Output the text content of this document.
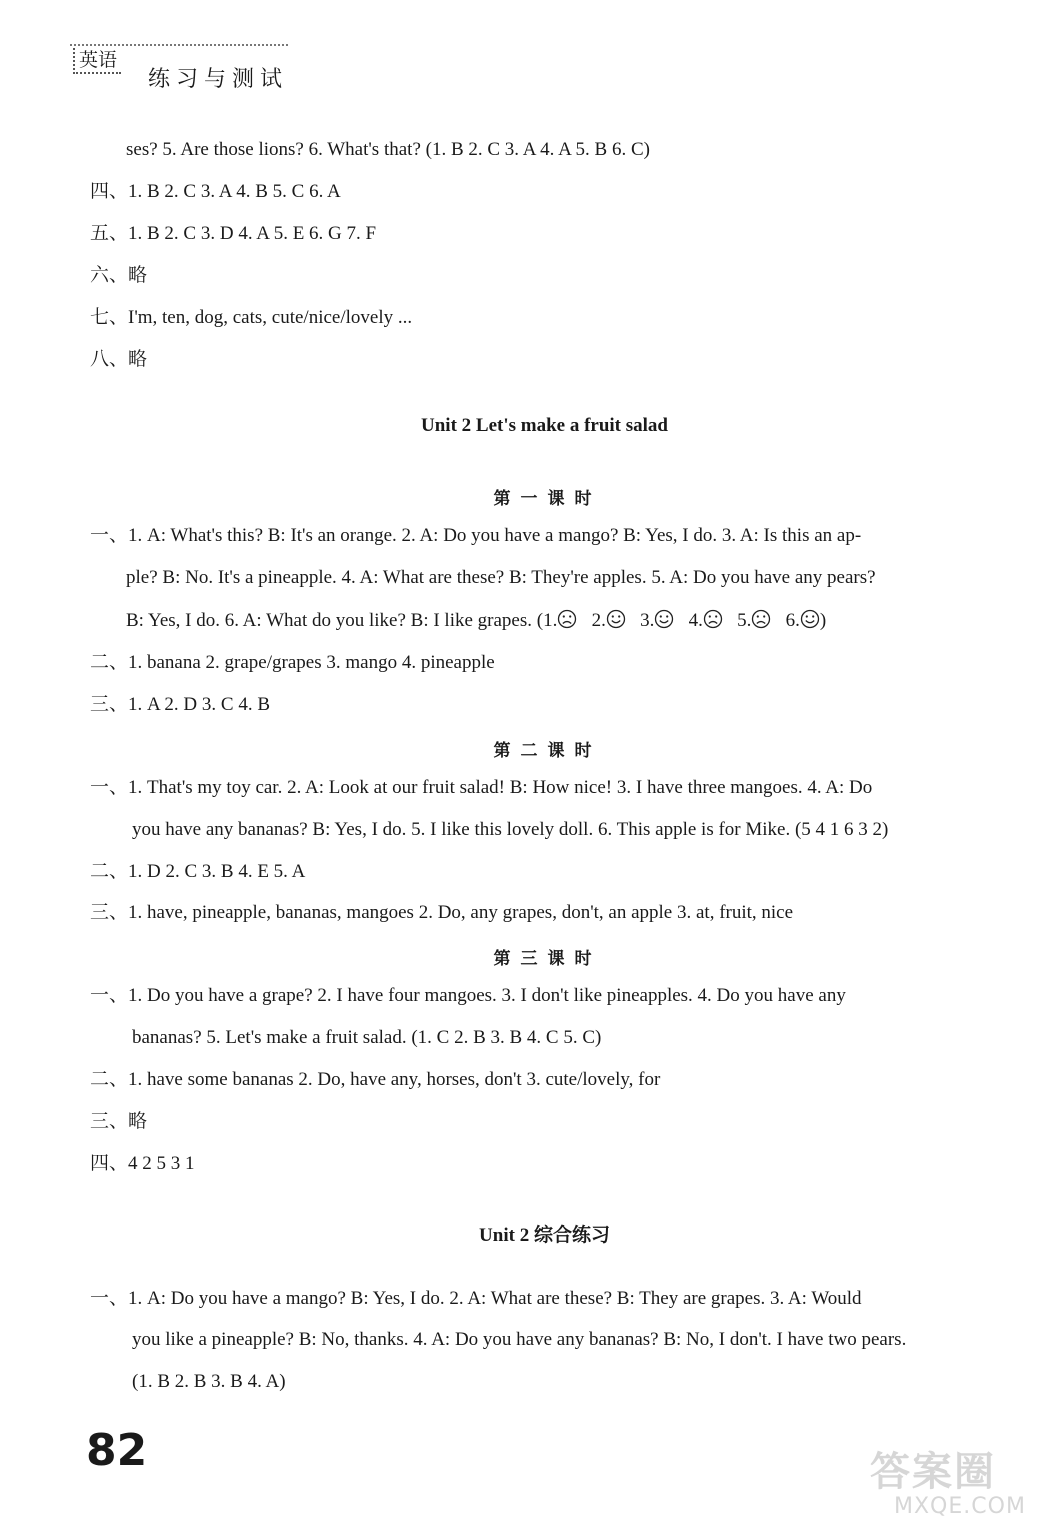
英语
练习与测试
ses? 5. Are those lions? 6. What's that? (1. B 2. C 3. A 4. A 5. B 6. C)
四、1. B 2. C 3. A 4. B 5. C 6. A
五、1. B 2. C 3. D 4. A 5. E 6. G 7. F
六、略
七、I'm, ten, dog, cats, cute/nice/lovely ...
八、略
Unit 2 Let's make a fruit salad
第一课时
一、1. A: What's this? B: It's an orange. 2. A: Do you have a mango? B: Yes, I do. 3. A: Is this an ap-
ple? B: No. It's a pineapple. 4. A: What are these? B: They're apples. 5. A: Do you have any pears?
B: Yes, I do. 6. A: What do you like? B: I like grapes. (1.   2.   3.   4.   5.   6. )
二、1. banana 2. grape/grapes 3. mango 4. pineapple
三、1. A 2. D 3. C 4. B
第二课时
一、1. That's my toy car. 2. A: Look at our fruit salad! B: How nice! 3. I have three mangoes. 4. A: Do
you have any bananas? B: Yes, I do. 5. I like this lovely doll. 6. This apple is for Mike. (5 4 1 6 3 2)
二、1. D 2. C 3. B 4. E 5. A
三、1. have, pineapple, bananas, mangoes 2. Do, any grapes, don't, an apple 3. at, fruit, nice
第三课时
一、1. Do you have a grape? 2. I have four mangoes. 3. I don't like pineapples. 4. Do you have any
bananas? 5. Let's make a fruit salad. (1. C 2. B 3. B 4. C 5. C)
二、1. have some bananas 2. Do, have any, horses, don't 3. cute/lovely, for
三、略
四、4 2 5 3 1
Unit 2 综合练习
一、1. A: Do you have a mango? B: Yes, I do. 2. A: What are these? B: They are grapes. 3. A: Would
you like a pineapple? B: No, thanks. 4. A: Do you have any bananas? B: No, I don't. I have two pears.
(1. B 2. B 3. B 4. A)
82	答案圈
MXQE.COM
